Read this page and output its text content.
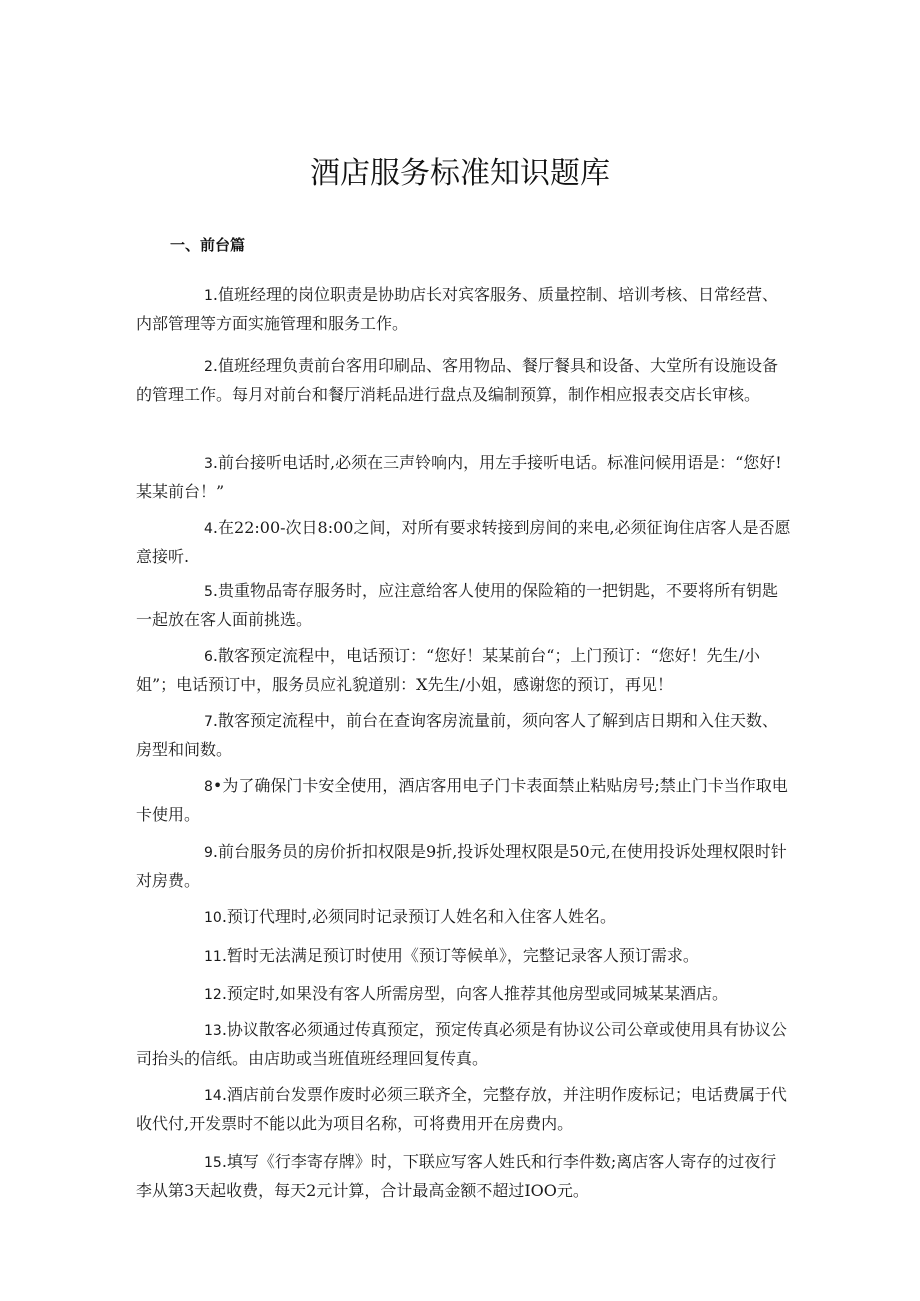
酒店服务标准知识题库
一、前台篇
1.值班经理的岗位职责是协助店长对宾客服务、质量控制、培训考核、日常经营、内部管理等方面实施管理和服务工作。
2.值班经理负责前台客用印刷品、客用物品、餐厅餐具和设备、大堂所有设施设备的管理工作。每月对前台和餐厅消耗品进行盘点及编制预算，制作相应报表交店长审核。
3.前台接听电话时,必须在三声铃响内，用左手接听电话。标准问候用语是：“您好!某某前台！”
4.在22:00-次日8:00之间，对所有要求转接到房间的来电,必须征询住店客人是否愿意接听.
5.贵重物品寄存服务时，应注意给客人使用的保险箱的一把钥匙，不要将所有钥匙一起放在客人面前挑选。
6.散客预定流程中，电话预订：“您好！某某前台“；上门预订：“您好！先生/小姐”；电话预订中，服务员应礼貌道别：X先生/小姐，感谢您的预订，再见！
7.散客预定流程中，前台在查询客房流量前，须向客人了解到店日期和入住天数、房型和间数。
8•为了确保门卡安全使用，酒店客用电子门卡表面禁止粘贴房号;禁止门卡当作取电卡使用。
9.前台服务员的房价折扣权限是9折,投诉处理权限是50元,在使用投诉处理权限时针对房费。
10.预订代理时,必须同时记录预订人姓名和入住客人姓名。
11.暂时无法满足预订时使用《预订等候单》，完整记录客人预订需求。
12.预定时,如果没有客人所需房型，向客人推荐其他房型或同城某某酒店。
13.协议散客必须通过传真预定，预定传真必须是有协议公司公章或使用具有协议公司抬头的信纸。由店助或当班值班经理回复传真。
14.酒店前台发票作废时必须三联齐全，完整存放，并注明作废标记；电话费属于代收代付,开发票时不能以此为项目名称，可将费用开在房费内。
15.填写《行李寄存牌》时，下联应写客人姓氏和行李件数;离店客人寄存的过夜行李从第3天起收费，每天2元计算，合计最高金额不超过IOO元。
